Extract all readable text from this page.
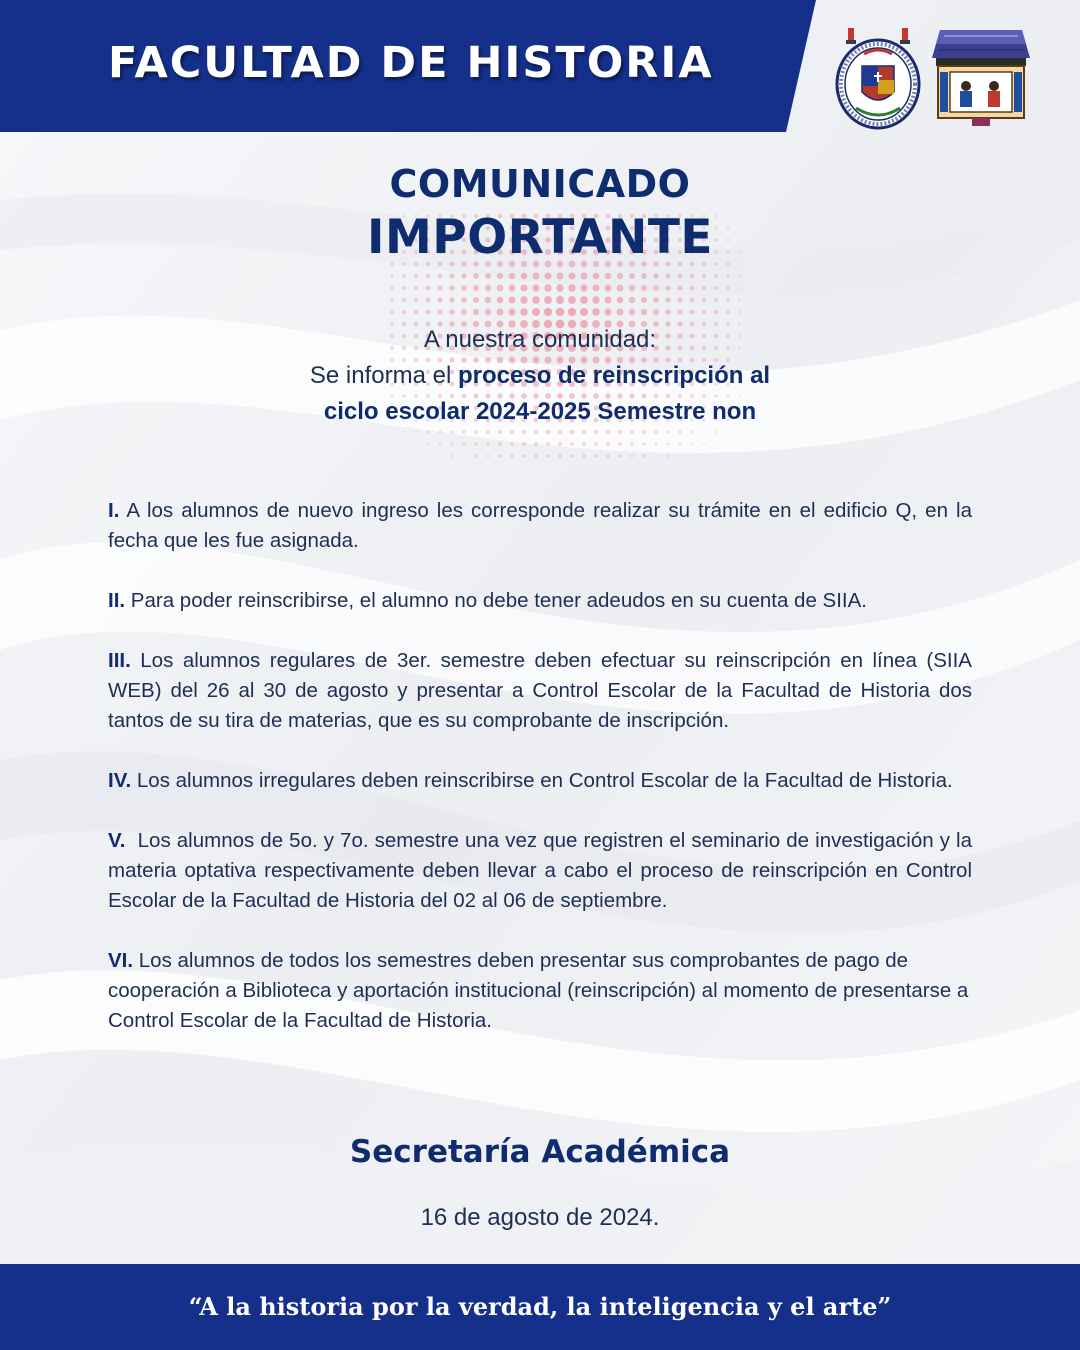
COMUNICADO
IMPORTANTE
A nuestra comunidad:
Se informa el proceso de reinscripción al
ciclo escolar 2024-2025 Semestre non

I. A los alumnos de nuevo ingreso les corresponde realizar su trámite en el edificio Q, en la fecha que les fue asignada.

II. Para poder reinscribirse, el alumno no debe tener adeudos en su cuenta de SIIA.

III. Los alumnos regulares de 3er. semestre deben efectuar su reinscripción en línea (SIIA WEB) del 26 al 30 de agosto y presentar a Control Escolar de la Facultad de Historia dos tantos de su tira de materias, que es su comprobante de inscripción.

IV. Los alumnos irregulares deben reinscribirse en Control Escolar de la Facultad de Historia.

V. Los alumnos de 5o. y 7o. semestre una vez que registren el seminario de investigación y la materia optativa respectivamente deben llevar a cabo el proceso de reinscripción en Control Escolar de la Facultad de Historia del 02 al 06 de septiembre.

VI. Los alumnos de todos los semestres deben presentar sus comprobantes de pago de cooperación a Biblioteca y aportación institucional (reinscripción) al momento de presentarse a Control Escolar de la Facultad de Historia.

Secretaría Académica

16 de agosto de 2024.

FACULTAD DE HISTORIA

“A la historia por la verdad, la inteligencia y el arte”
